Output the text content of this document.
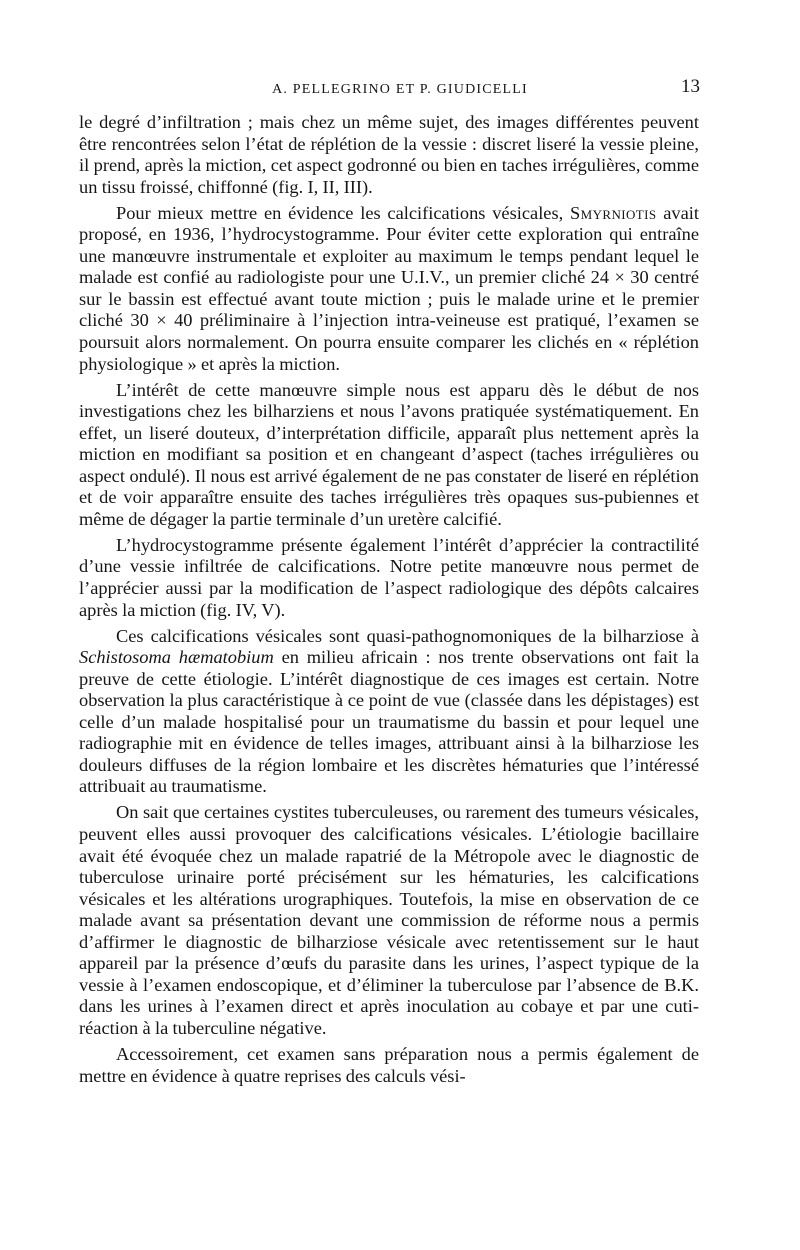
A. PELLEGRINO ET P. GIUDICELLI	13

le degré d’infiltration ; mais chez un même sujet, des images différentes peuvent être rencontrées selon l’état de réplétion de la vessie : discret liseré la vessie pleine, il prend, après la miction, cet aspect godronné ou bien en taches irrégulières, comme un tissu froissé, chiffonné (fig. I, II, III).

Pour mieux mettre en évidence les calcifications vésicales, Smyrniotis avait proposé, en 1936, l’hydrocystogramme. Pour éviter cette exploration qui entraîne une manœuvre instrumentale et exploiter au maximum le temps pendant lequel le malade est confié au radiologiste pour une U.I.V., un premier cliché 24 × 30 centré sur le bassin est effectué avant toute miction ; puis le malade urine et le premier cliché 30 × 40 préliminaire à l’injection intra-veineuse est pratiqué, l’examen se poursuit alors normalement. On pourra ensuite comparer les clichés en « réplétion physiologique » et après la miction.

L’intérêt de cette manœuvre simple nous est apparu dès le début de nos investigations chez les bilharziens et nous l’avons pratiquée systématiquement. En effet, un liseré douteux, d’interprétation difficile, apparaît plus nettement après la miction en modifiant sa position et en changeant d’aspect (taches irrégulières ou aspect ondulé). Il nous est arrivé également de ne pas constater de liseré en réplétion et de voir apparaître ensuite des taches irrégulières très opaques sus-pubiennes et même de dégager la partie terminale d’un uretère calcifié.

L’hydrocystogramme présente également l’intérêt d’apprécier la contractilité d’une vessie infiltrée de calcifications. Notre petite manœuvre nous permet de l’apprécier aussi par la modification de l’aspect radiologique des dépôts calcaires après la miction (fig. IV, V).

Ces calcifications vésicales sont quasi-pathognomoniques de la bilharziose à Schistosoma hæmatobium en milieu africain : nos trente observations ont fait la preuve de cette étiologie. L’intérêt diagnostique de ces images est certain. Notre observation la plus caractéristique à ce point de vue (classée dans les dépistages) est celle d’un malade hospitalisé pour un traumatisme du bassin et pour lequel une radiographie mit en évidence de telles images, attribuant ainsi à la bilharziose les douleurs diffuses de la région lombaire et les discrètes hématuries que l’intéressé attribuait au traumatisme.

On sait que certaines cystites tuberculeuses, ou rarement des tumeurs vésicales, peuvent elles aussi provoquer des calcifications vésicales. L’étiologie bacillaire avait été évoquée chez un malade rapatrié de la Métropole avec le diagnostic de tuberculose urinaire porté précisément sur les hématuries, les calcifications vésicales et les altérations urographiques. Toutefois, la mise en observation de ce malade avant sa présentation devant une commission de réforme nous a permis d’affirmer le diagnostic de bilharziose vésicale avec retentissement sur le haut appareil par la présence d’œufs du parasite dans les urines, l’aspect typique de la vessie à l’examen endoscopique, et d’éliminer la tuberculose par l’absence de B.K. dans les urines à l’examen direct et après inoculation au cobaye et par une cuti-réaction à la tuberculine négative.

Accessoirement, cet examen sans préparation nous a permis également de mettre en évidence à quatre reprises des calculs vési-
